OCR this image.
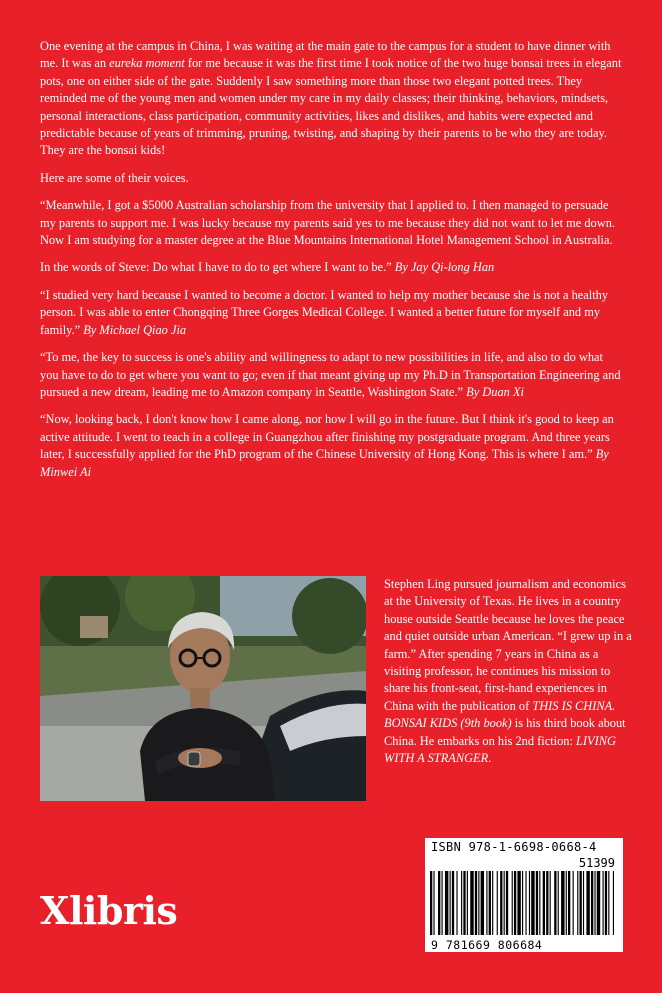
One evening at the campus in China, I was waiting at the main gate to the campus for a student to have dinner with me. It was an eureka moment for me because it was the first time I took notice of the two huge bonsai trees in elegant pots, one on either side of the gate. Suddenly I saw something more than those two elegant potted trees. They reminded me of the young men and women under my care in my daily classes; their thinking, behaviors, mindsets, personal interactions, class participation, community activities, likes and dislikes, and habits were expected and predictable because of years of trimming, pruning, twisting, and shaping by their parents to be who they are today. They are the bonsai kids!

Here are some of their voices.

“Meanwhile, I got a $5000 Australian scholarship from the university that I applied to. I then managed to persuade my parents to support me. I was lucky because my parents said yes to me because they did not want to let me down. Now I am studying for a master degree at the Blue Mountains International Hotel Management School in Australia.

In the words of Steve: Do what I have to do to get where I want to be.” By Jay Qi-long Han

“I studied very hard because I wanted to become a doctor. I wanted to help my mother because she is not a healthy person. I was able to enter Chongqing Three Gorges Medical College. I wanted a better future for myself and my family.” By Michael Qiao Jia

“To me, the key to success is one's ability and willingness to adapt to new possibilities in life, and also to do what you have to do to get where you want to go; even if that meant giving up my Ph.D in Transportation Engineering and pursued a new dream, leading me to Amazon company in Seattle, Washington State.” By Duan Xi

“Now, looking back, I don't know how I came along, nor how I will go in the future. But I think it's good to keep an active attitude. I went to teach in a college in Guangzhou after finishing my postgraduate program. And three years later, I successfully applied for the PhD program of the Chinese University of Hong Kong. This is where I am.” By Minwei Ai

Stephen Ling pursued journalism and economics at the University of Texas. He lives in a country house outside Seattle because he loves the peace and quiet outside urban American. “I grew up in a farm.” After spending 7 years in China as a visiting professor, he continues his mission to share his front-seat, first-hand experiences in China with the publication of THIS IS CHINA. BONSAI KIDS (9th book) is his third book about China. He embarks on his 2nd fiction: LIVING WITH A STRANGER.
Xlibris
ISBN 978-1-6698-0668-4
51399
9 781669 806684
